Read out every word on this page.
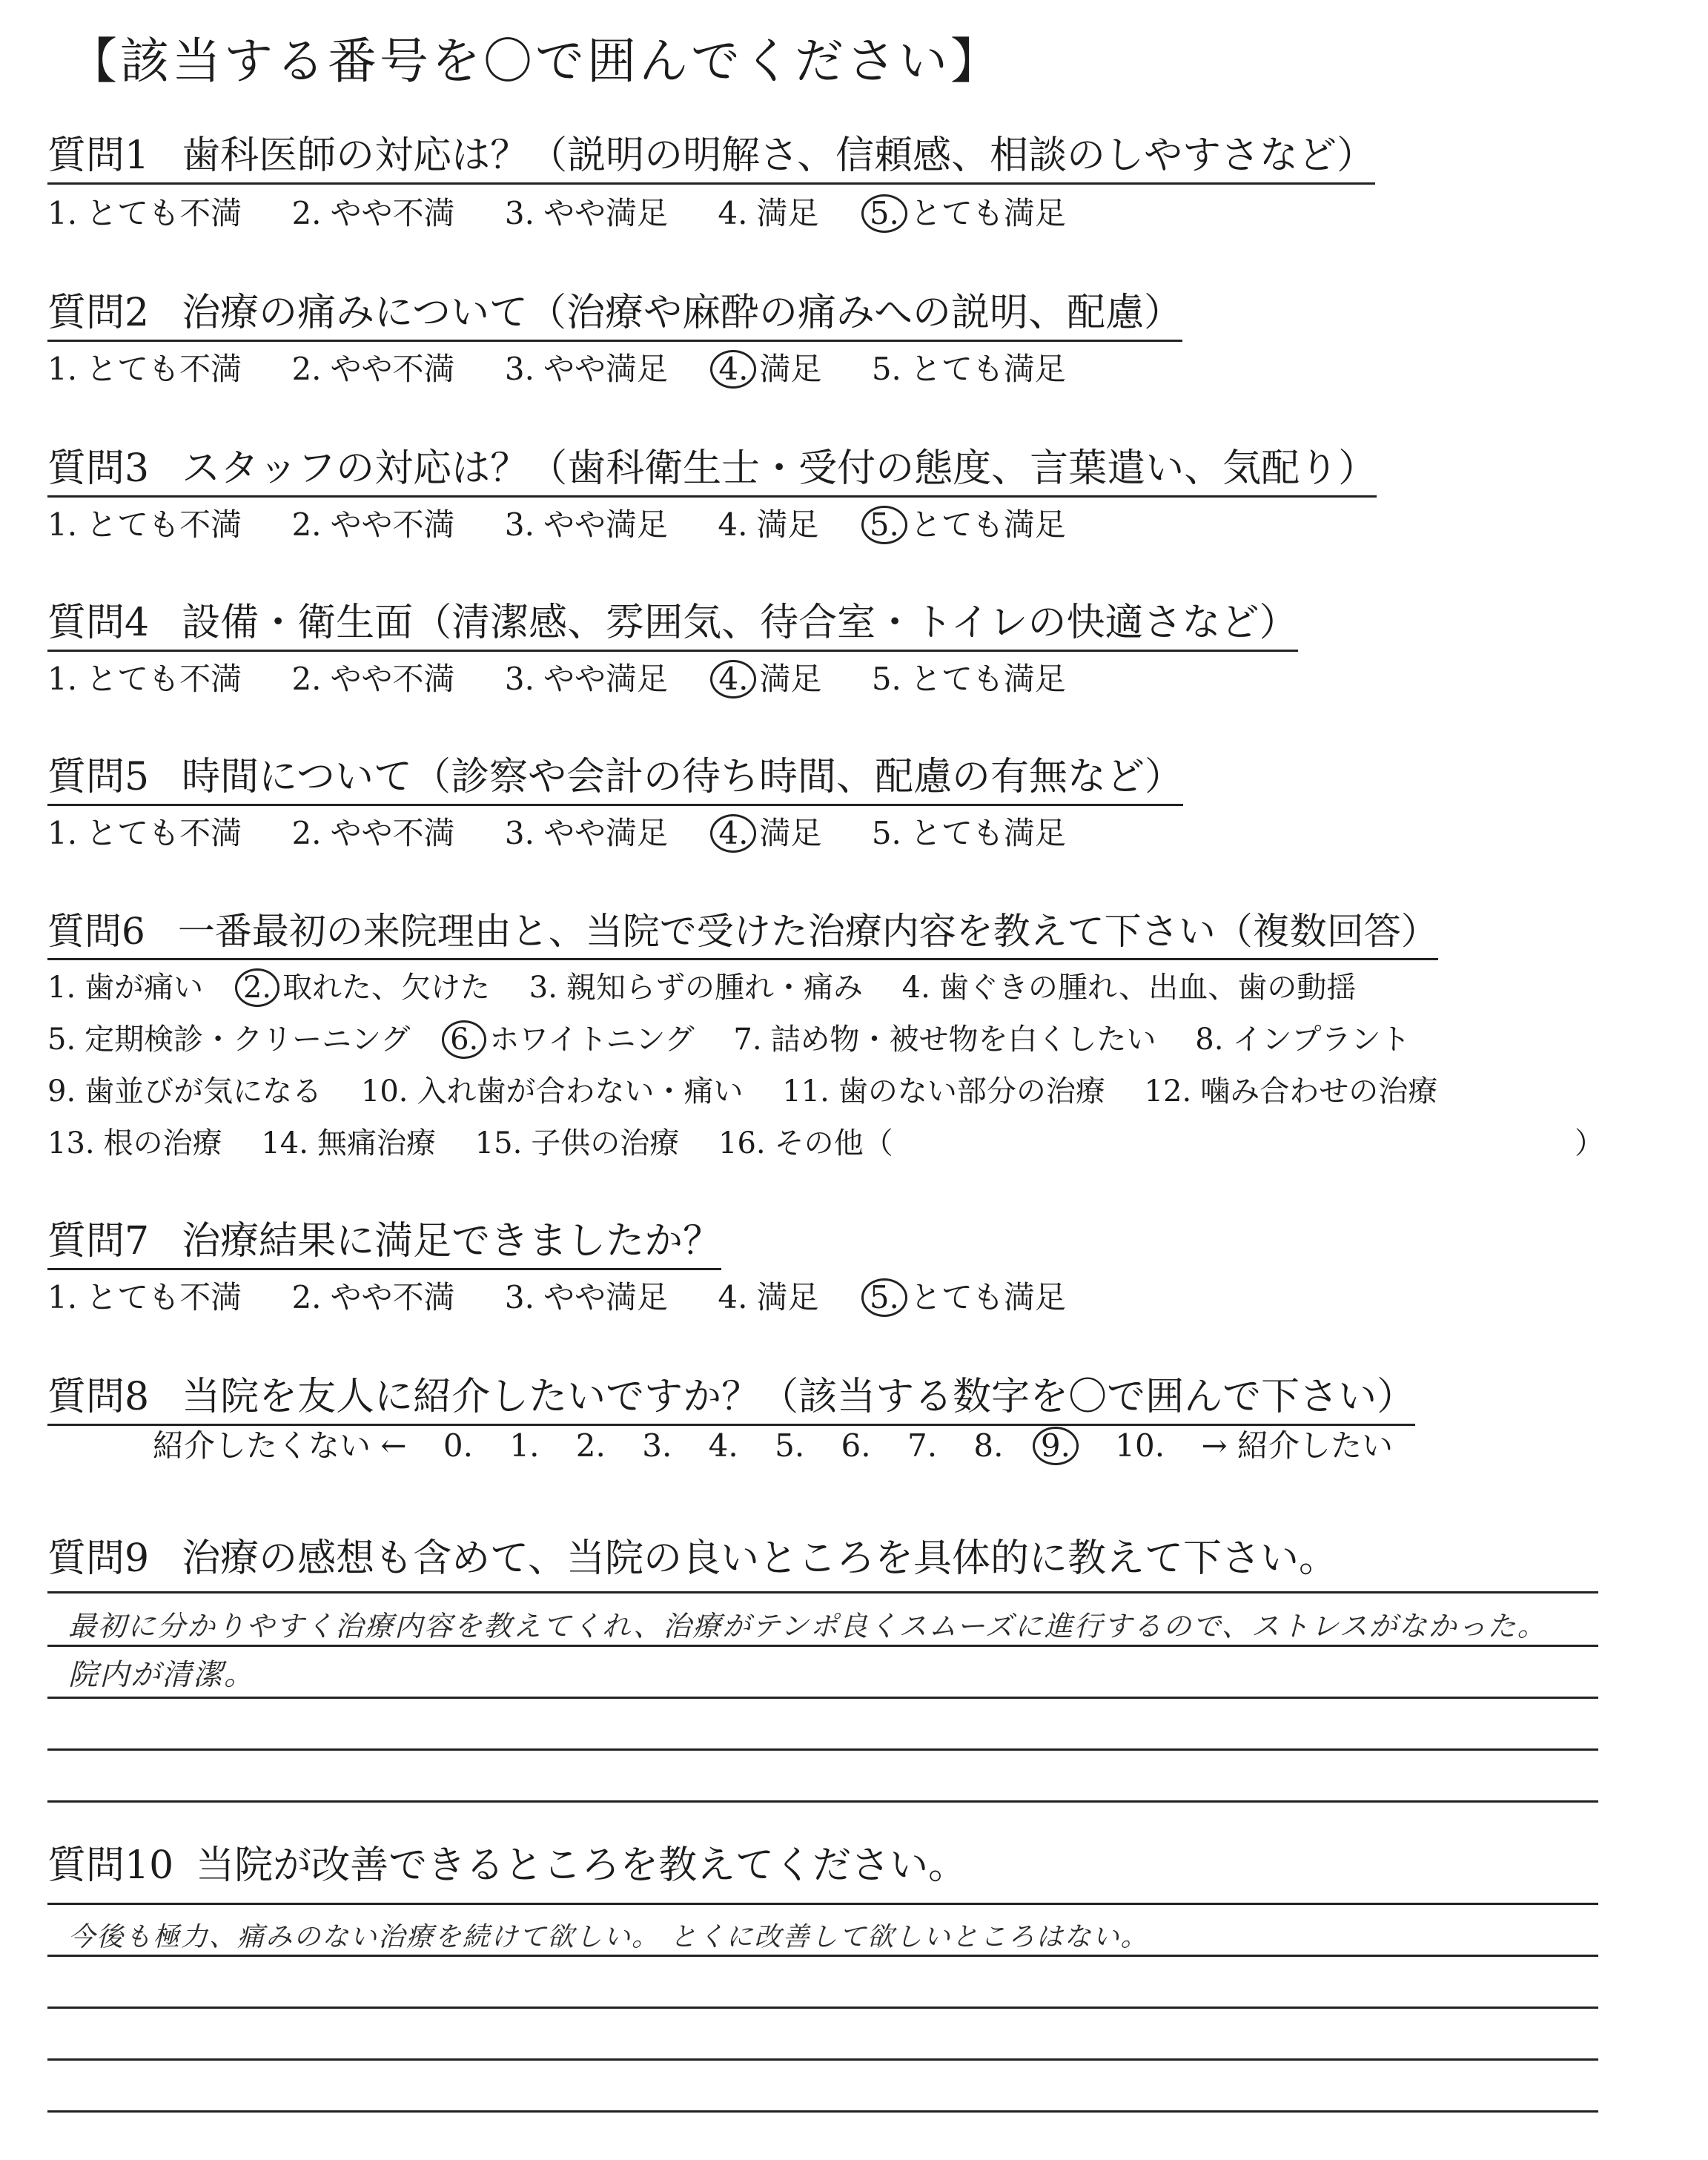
【該当する番号を〇で囲んでください】
質問1 歯科医師の対応は？（説明の明解さ、信頼感、相談のしやすさなど）
1. とても不満 2. やや不満 3. やや満足 4. 満足 5. とても満足
質問2 治療の痛みについて（治療や麻酔の痛みへの説明、配慮）
1. とても不満 2. やや不満 3. やや満足 4. 満足 5. とても満足
質問3 スタッフの対応は？（歯科衛生士・受付の態度、言葉遣い、気配り）
1. とても不満 2. やや不満 3. やや満足 4. 満足 5. とても満足
質問4 設備・衛生面（清潔感、雰囲気、待合室・トイレの快適さなど）
1. とても不満 2. やや不満 3. やや満足 4. 満足 5. とても満足
質問5 時間について（診察や会計の待ち時間、配慮の有無など）
1. とても不満 2. やや不満 3. やや満足 4. 満足 5. とても満足
質問6 一番最初の来院理由と、当院で受けた治療内容を教えて下さい（複数回答）
1. 歯が痛い 2. 取れた、欠けた 3. 親知らずの腫れ・痛み 4. 歯ぐきの腫れ、出血、歯の動揺
5. 定期検診・クリーニング 6. ホワイトニング 7. 詰め物・被せ物を白くしたい 8. インプラント
9. 歯並びが気になる 10. 入れ歯が合わない・痛い 11. 歯のない部分の治療 12. 噛み合わせの治療
13. 根の治療 14. 無痛治療 15. 子供の治療 16. その他（	）
質問7 治療結果に満足できましたか？
1. とても不満 2. やや不満 3. やや満足 4. 満足 5. とても満足
質問8 当院を友人に紹介したいですか？（該当する数字を〇で囲んで下さい）
紹介したくない ← 0. 1. 2. 3. 4. 5. 6. 7. 8. 9. 10. → 紹介したい
質問9 治療の感想も含めて、当院の良いところを具体的に教えて下さい。
最初に分かりやすく治療内容を教えてくれ、治療がテンポ良くスムーズに進行するので、ストレスがなかった。
院内が清潔。
質問10 当院が改善できるところを教えてください。
今後も極力、痛みのない治療を続けて欲しい。 とくに改善して欲しいところはない。
